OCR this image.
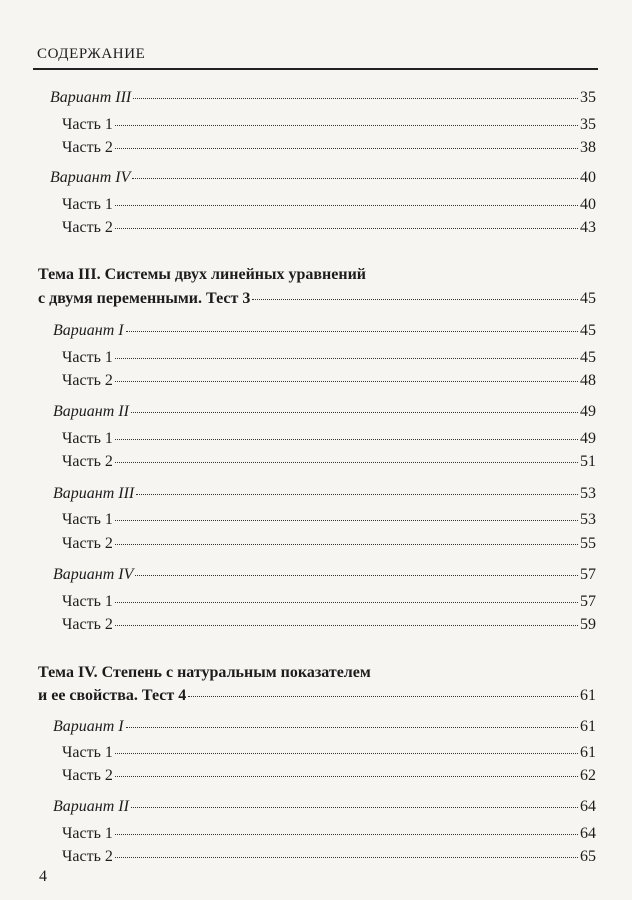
СОДЕРЖАНИЕ
Вариант III	35
Часть 1	35
Часть 2	38
Вариант IV	40
Часть 1	40
Часть 2	43
Тема III. Системы двух линейных уравнений
с двумя переменными. Тест 3	45
Вариант I	45
Часть 1	45
Часть 2	48
Вариант II	49
Часть 1	49
Часть 2	51
Вариант III	53
Часть 1	53
Часть 2	55
Вариант IV	57
Часть 1	57
Часть 2	59
Тема IV. Степень с натуральным показателем
и ее свойства. Тест 4	61
Вариант I	61
Часть 1	61
Часть 2	62
Вариант II	64
Часть 1	64
Часть 2	65
4
